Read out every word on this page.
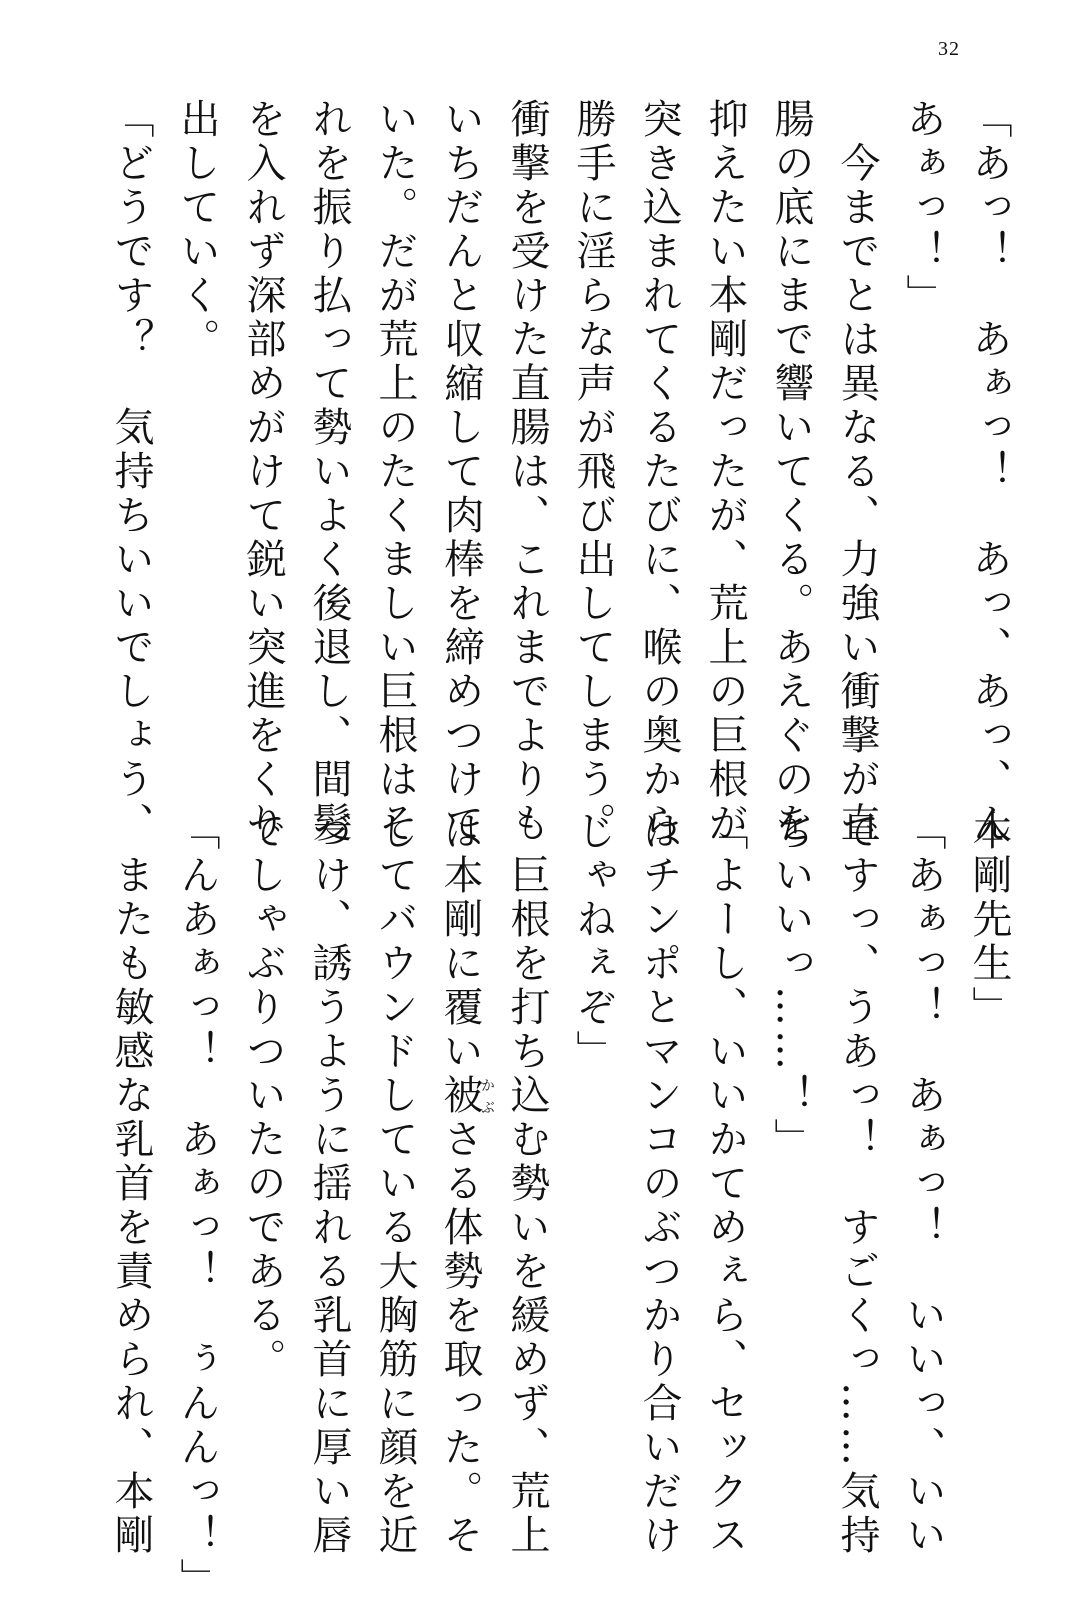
32
「あっ！　あぁっ！　あっ、あっ、ん
あぁっ！」
　今までとは異なる、力強い衝撃が直
腸の底にまで響いてくる。あえぐのを
抑えたい本剛だったが、荒上の巨根が
突き込まれてくるたびに、喉の奥から
勝手に淫らな声が飛び出してしまう。
衝撃を受けた直腸は、これまでよりも
いちだんと収縮して肉棒を締めつけて
いた。だが荒上のたくましい巨根はそ
れを振り払って勢いよく後退し、間髪
を入れず深部めがけて鋭い突進をくり
出していく。
「どうです？　気持ちいいでしょう、
本剛先生」
「あぁっ！　あぁっ！　いいっ、いい
ですっ、うあっ！　すごくっ……気持
ちいいっ……！」
「よーし、いいかてめぇら、セックス
はチンポとマンコのぶつかり合いだけ
じゃねぇぞ」
　巨根を打ち込む勢いを緩めず、荒上
は本剛に覆い被かぶさる体勢を取った。そ
してバウンドしている大胸筋に顔を近
づけ、誘うように揺れる乳首に厚い唇
でしゃぶりついたのである。
「んあぁっ！　あぁっ！　ぅんんっ！」
　またも敏感な乳首を責められ、本剛
